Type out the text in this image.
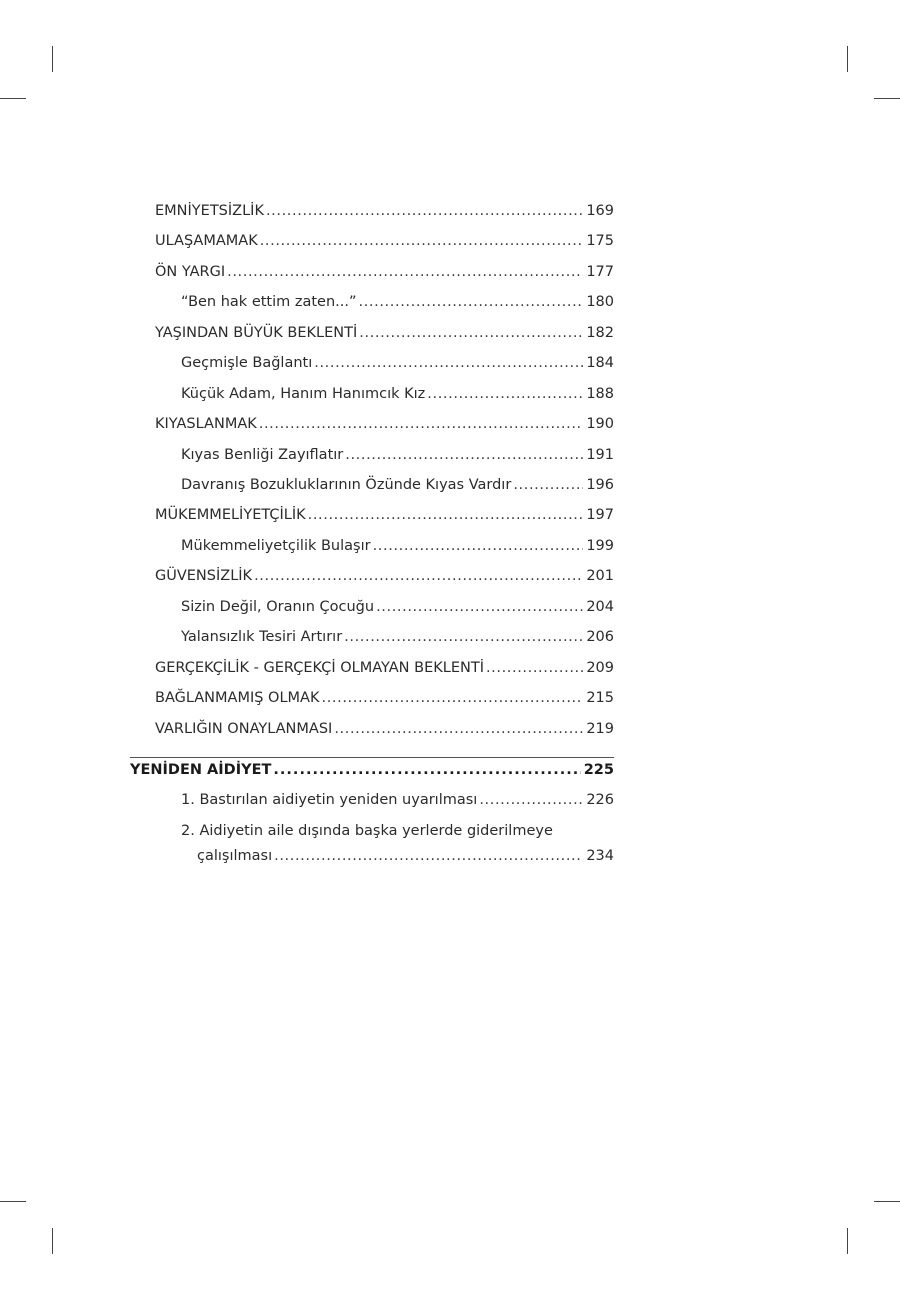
EMNİYETSİZLİK .....	169
ULAŞAMAMAK .....	175
ÖN YARGI .....	177
“Ben hak ettim zaten...” .....	180
YAŞINDAN BÜYÜK BEKLENTİ .....	182
Geçmişle Bağlantı .....	184
Küçük Adam, Hanım Hanımcık Kız .....	188
KIYASLANMAK .....	190
Kıyas Benliği Zayıflatır .....	191
Davranış Bozukluklarının Özünde Kıyas Vardır .....	196
MÜKEMMELİYETÇİLİK .....	197
Mükemmeliyetçilik Bulaşır .....	199
GÜVENSİZLİK .....	201
Sizin Değil, Oranın Çocuğu .....	204
Yalansızlık Tesiri Artırır .....	206
GERÇEKÇİLİK - GERÇEKÇİ OLMAYAN BEKLENTİ .....	209
BAĞLANMAMIŞ OLMAK .....	215
VARLIĞIN ONAYLANMASI .....	219
YENİDEN AİDİYET .....	225
1. Bastırılan aidiyetin yeniden uyarılması .....	226
2. Aidiyetin aile dışında başka yerlerde giderilmeye
çalışılması .....	234
